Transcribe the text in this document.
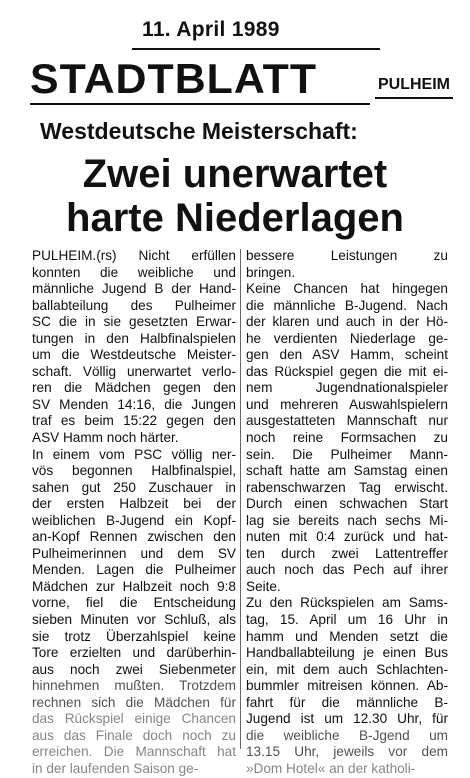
11. April 1989
STADTBLATT	PULHEIM
Westdeutsche Meisterschaft:
Zwei unerwartet
harte Niederlagen
PULHEIM.(rs) Nicht erfüllen
konnten die weibliche und
männliche Jugend B der Hand-
ballabteilung des Pulheimer
SC die in sie gesetzten Erwar-
tungen in den Halbfinalspielen
um die Westdeutsche Meister-
schaft. Völlig unerwartet verlo-
ren die Mädchen gegen den
SV Menden 14:16, die Jungen
traf es beim 15:22 gegen den
ASV Hamm noch härter.
In einem vom PSC völlig ner-
vös begonnen Halbfinalspiel,
sahen gut 250 Zuschauer in
der ersten Halbzeit bei der
weiblichen B-Jugend ein Kopf-
an-Kopf Rennen zwischen den
Pulheimerinnen und dem SV
Menden. Lagen die Pulheimer
Mädchen zur Halbzeit noch 9:8
vorne, fiel die Entscheidung
sieben Minuten vor Schluß, als
sie trotz Überzahlspiel keine
Tore erzielten und darüberhin-
aus noch zwei Siebenmeter
hinnehmen mußten. Trotzdem
rechnen sich die Mädchen für
das Rückspiel einige Chancen
aus das Finale doch noch zu
erreichen. Die Mannschaft hat
in der laufenden Saison ge-
bessere Leistungen zu
bringen.
Keine Chancen hat hingegen
die männliche B-Jugend. Nach
der klaren und auch in der Hö-
he verdienten Niederlage ge-
gen den ASV Hamm, scheint
das Rückspiel gegen die mit ei-
nem Jugendnationalspieler
und mehreren Auswahlspielern
ausgestatteten Mannschaft nur
noch reine Formsachen zu
sein. Die Pulheimer Mann-
schaft hatte am Samstag einen
rabenschwarzen Tag erwischt.
Durch einen schwachen Start
lag sie bereits nach sechs Mi-
nuten mit 0:4 zurück und hat-
ten durch zwei Lattentreffer
auch noch das Pech auf ihrer
Seite.
Zu den Rückspielen am Sams-
tag, 15. April um 16 Uhr in
hamm und Menden setzt die
Handballabteilung je einen Bus
ein, mit dem auch Schlachten-
bummler mitreisen können. Ab-
fahrt für die männliche B-
Jugend ist um 12.30 Uhr, für
die weibliche B-Jgend um
13.15 Uhr, jeweils vor dem
»Dom Hotel« an der katholi-
